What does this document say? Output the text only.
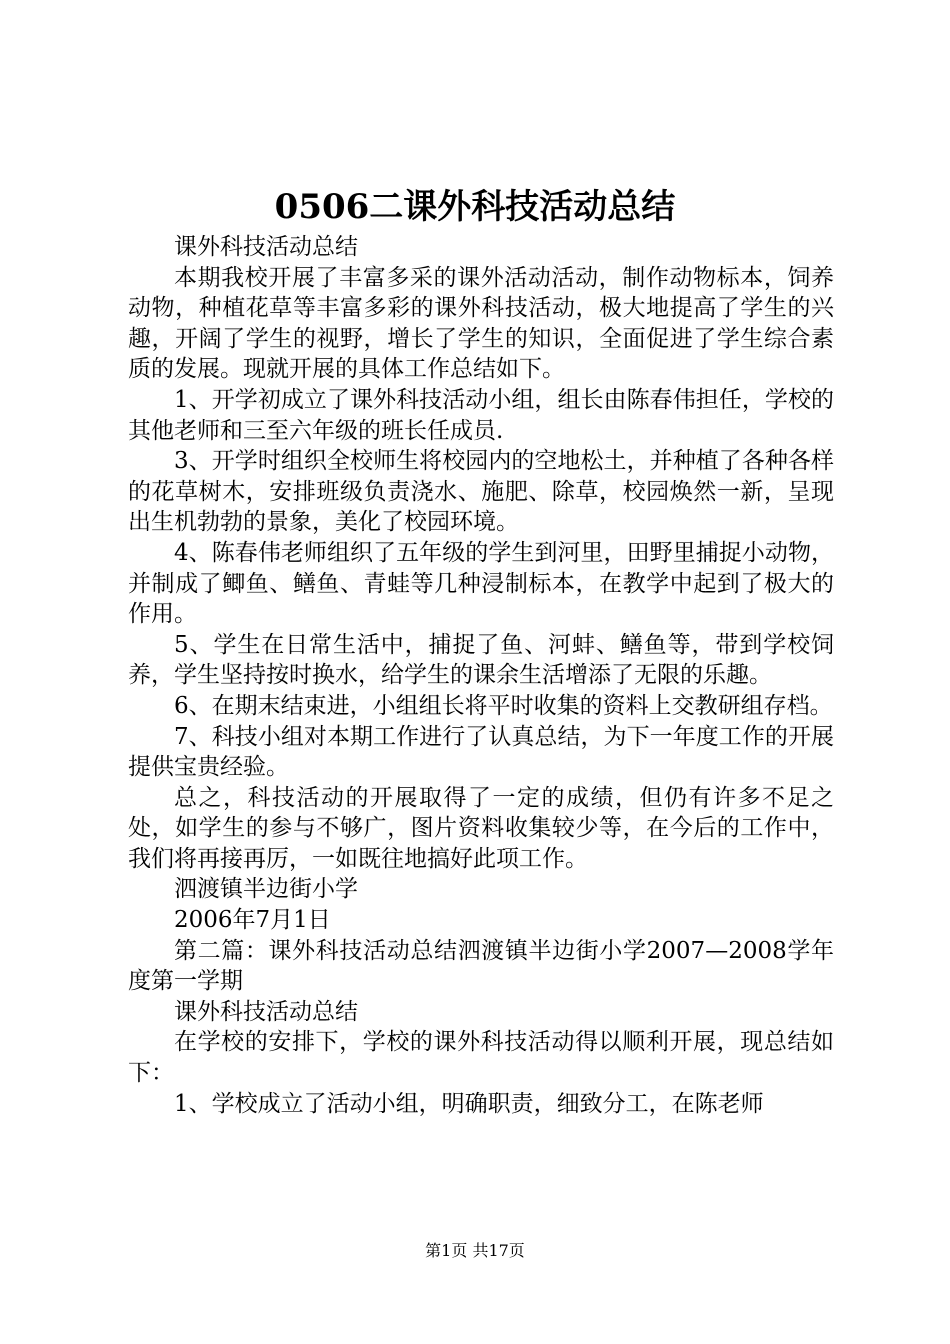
0506二课外科技活动总结

课外科技活动总结

本期我校开展了丰富多采的课外活动活动，制作动物标本，饲养动物，种植花草等丰富多彩的课外科技活动，极大地提高了学生的兴趣，开阔了学生的视野，增长了学生的知识，全面促进了学生综合素质的发展。现就开展的具体工作总结如下。

1、开学初成立了课外科技活动小组，组长由陈春伟担任，学校的其他老师和三至六年级的班长任成员.

3、开学时组织全校师生将校园内的空地松土，并种植了各种各样的花草树木，安排班级负责浇水、施肥、除草，校园焕然一新，呈现出生机勃勃的景象，美化了校园环境。

4、陈春伟老师组织了五年级的学生到河里，田野里捕捉小动物，并制成了鲫鱼、鳝鱼、青蛙等几种浸制标本，在教学中起到了极大的作用。

5、学生在日常生活中，捕捉了鱼、河蚌、鳝鱼等，带到学校饲养，学生坚持按时换水，给学生的课余生活增添了无限的乐趣。

6、在期末结束进，小组组长将平时收集的资料上交教研组存档。

7、科技小组对本期工作进行了认真总结，为下一年度工作的开展提供宝贵经验。

总之，科技活动的开展取得了一定的成绩，但仍有许多不足之处，如学生的参与不够广，图片资料收集较少等，在今后的工作中，我们将再接再厉，一如既往地搞好此项工作。

泗渡镇半边街小学

2006年7月1日

第二篇：课外科技活动总结泗渡镇半边街小学2007—2008学年度第一学期

课外科技活动总结

在学校的安排下，学校的课外科技活动得以顺利开展，现总结如下：

1、学校成立了活动小组，明确职责，细致分工，在陈老师

第1页 共17页
